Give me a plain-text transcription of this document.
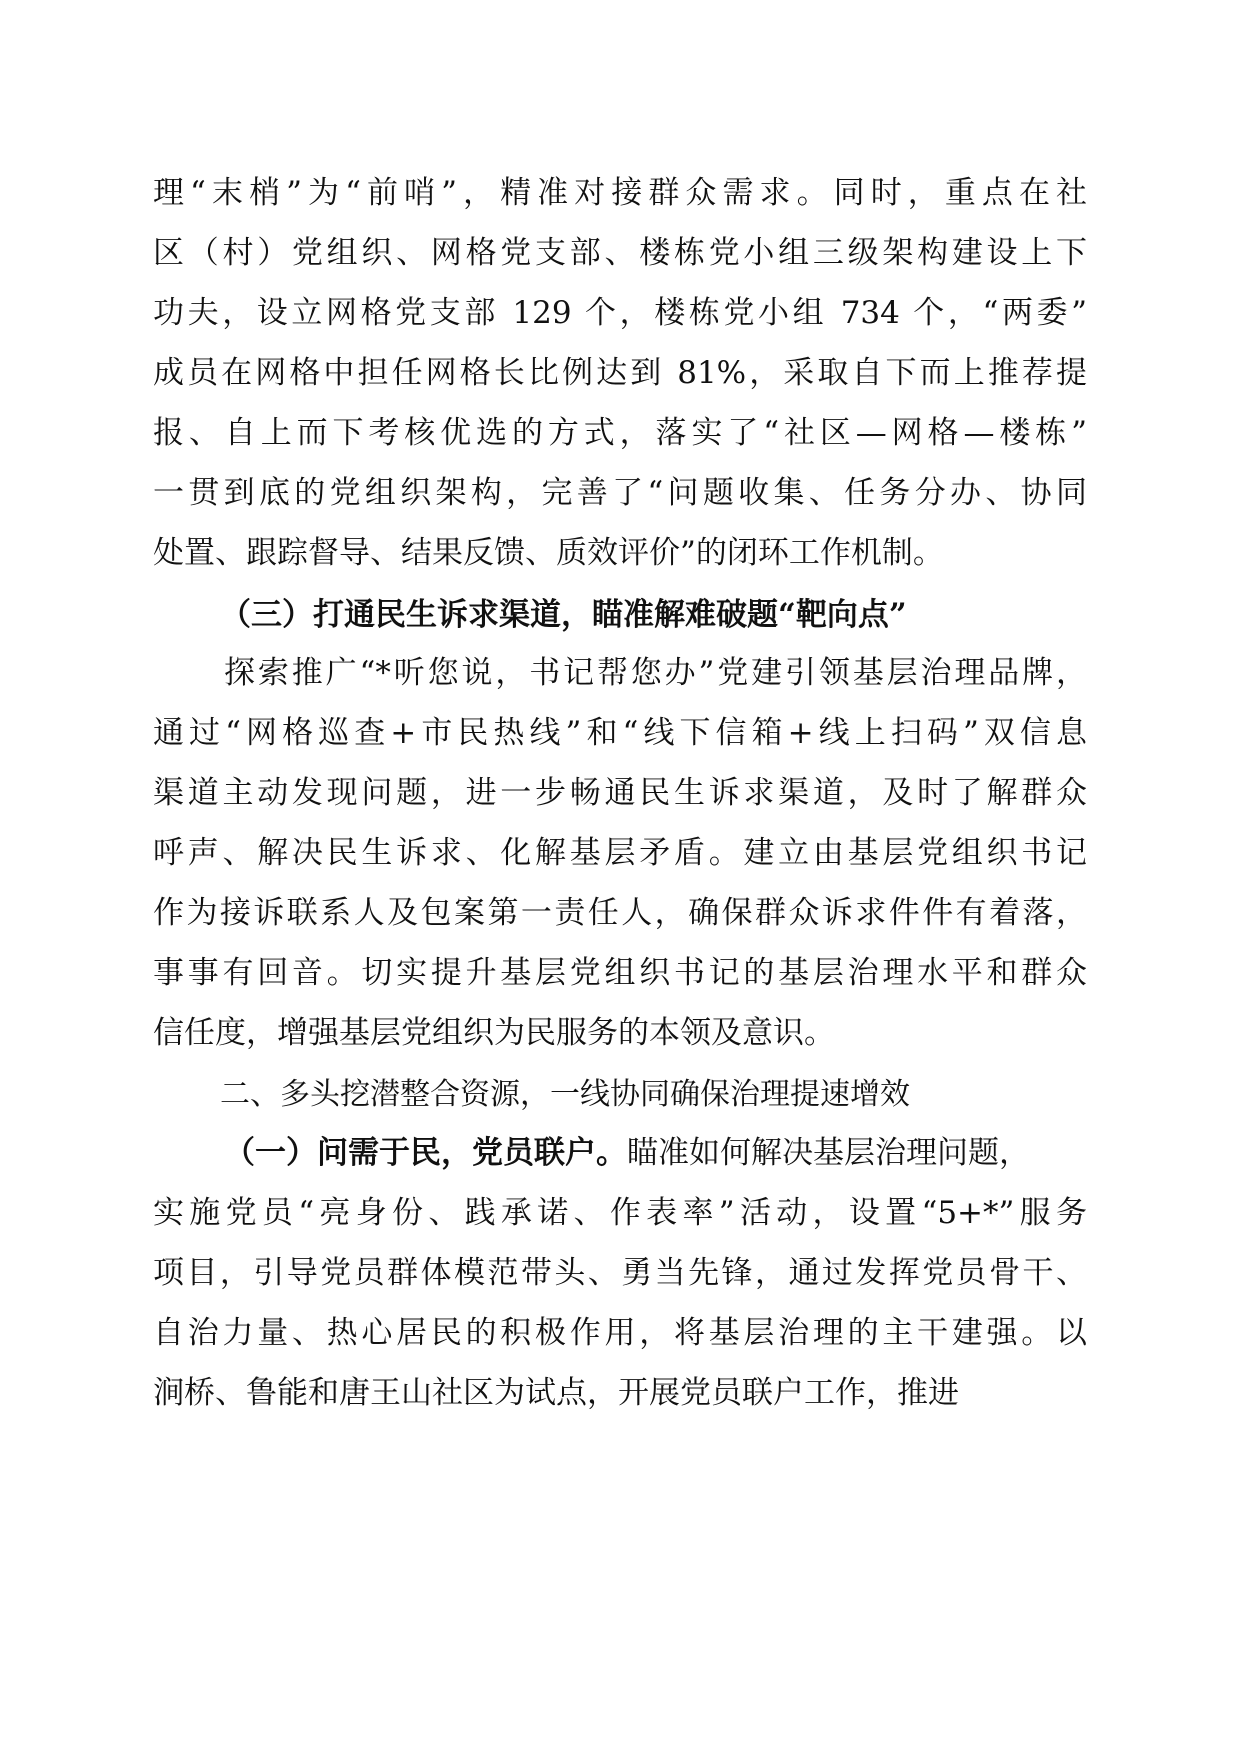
理“末梢”为“前哨”，精准对接群众需求。同时，重点在社
区（村）党组织、网格党支部、楼栋党小组三级架构建设上下
功夫，设立网格党支部 129 个，楼栋党小组 734 个，“两委”
成员在网格中担任网格长比例达到 81%，采取自下而上推荐提
报、自上而下考核优选的方式，落实了“社区—网格—楼栋”
一贯到底的党组织架构，完善了“问题收集、任务分办、协同
处置、跟踪督导、结果反馈、质效评价”的闭环工作机制。
（三）打通民生诉求渠道，瞄准解难破题“靶向点”
探索推广“*听您说，书记帮您办”党建引领基层治理品牌，
通过“网格巡查+市民热线”和“线下信箱+线上扫码”双信息
渠道主动发现问题，进一步畅通民生诉求渠道，及时了解群众
呼声、解决民生诉求、化解基层矛盾。建立由基层党组织书记
作为接诉联系人及包案第一责任人，确保群众诉求件件有着落，
事事有回音。切实提升基层党组织书记的基层治理水平和群众
信任度，增强基层党组织为民服务的本领及意识。
二、多头挖潜整合资源，一线协同确保治理提速增效
（一）问需于民，党员联户。瞄准如何解决基层治理问题，
实施党员“亮身份、践承诺、作表率”活动，设置“5+*”服务
项目，引导党员群体模范带头、勇当先锋，通过发挥党员骨干、
自治力量、热心居民的积极作用，将基层治理的主干建强。以
涧桥、鲁能和唐王山社区为试点，开展党员联户工作，推进
